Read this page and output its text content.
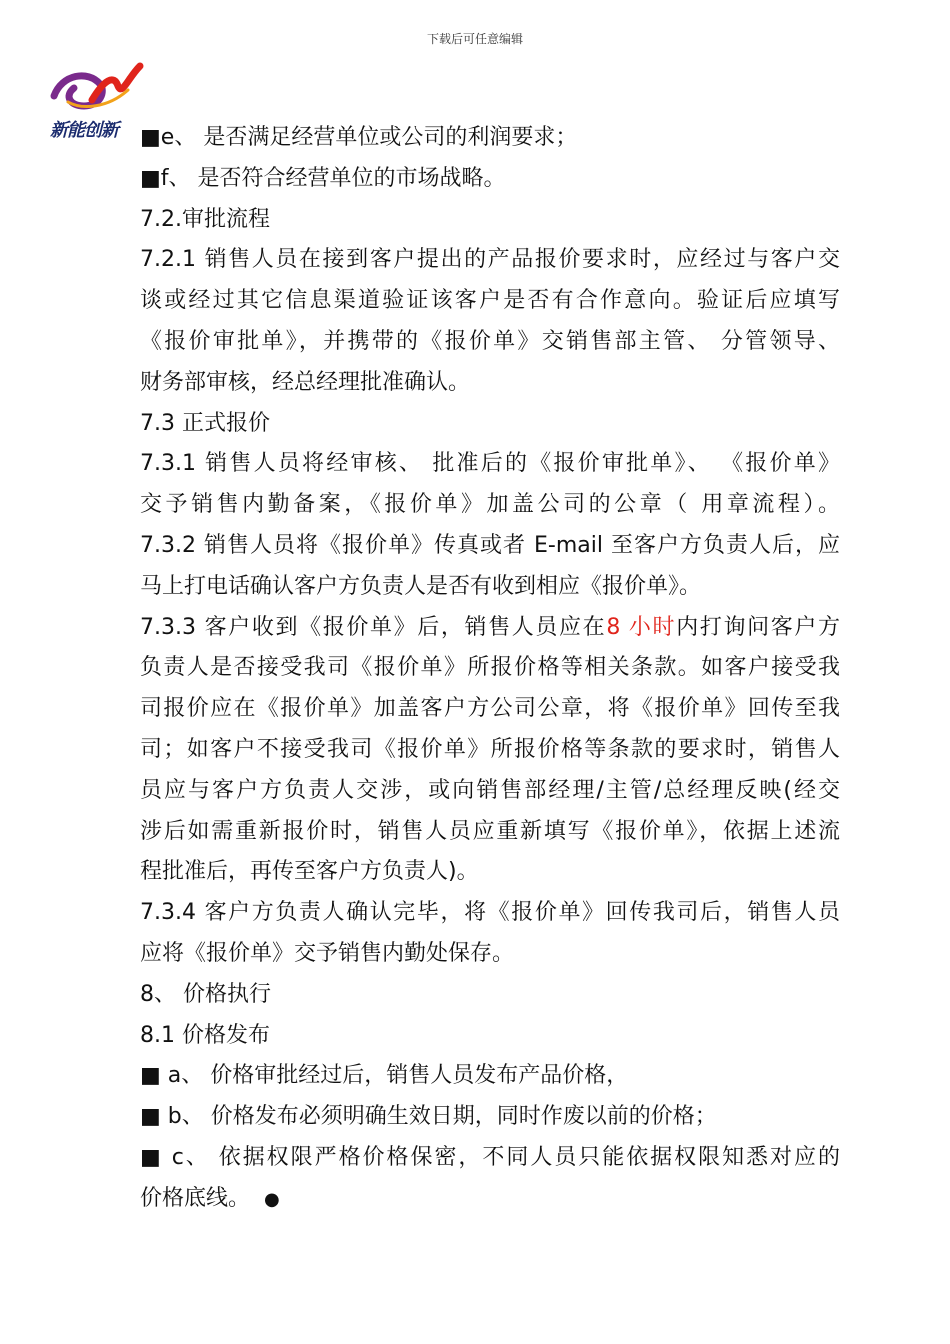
下载后可任意编辑
新能创新 ■e、 是否满足经营单位或公司的利润要求；
■f、 是否符合经营单位的市场战略。
7.2.审批流程
7.2.1 销售人员在接到客户提出的产品报价要求时，应经过与客户交
谈或经过其它信息渠道验证该客户是否有合作意向。验证后应填写
《报价审批单》，并携带的《报价单》交销售部主管、 分管领导、
财务部审核，经总经理批准确认。
7.3 正式报价
7.3.1 销售人员将经审核、 批准后的《报价审批单》、 《报价单》
交予销售内勤备案，《报价单》加盖公司的公章（ 用章流程）。
7.3.2 销售人员将《报价单》传真或者 E-mail 至客户方负责人后，应
马上打电话确认客户方负责人是否有收到相应《报价单》。
7.3.3 客户收到《报价单》后，销售人员应在8 小时内打询问客户方
负责人是否接受我司《报价单》所报价格等相关条款。如客户接受我
司报价应在《报价单》加盖客户方公司公章，将《报价单》回传至我
司；如客户不接受我司《报价单》所报价格等条款的要求时，销售人
员应与客户方负责人交涉，或向销售部经理/主管/总经理反映(经交
涉后如需重新报价时，销售人员应重新填写《报价单》，依据上述流
程批准后，再传至客户方负责人)。
7.3.4 客户方负责人确认完毕，将《报价单》回传我司后，销售人员
应将《报价单》交予销售内勤处保存。
8、 价格执行
8.1 价格发布
■ a、 价格审批经过后，销售人员发布产品价格，
■ b、 价格发布必须明确生效日期，同时作废以前的价格；
■ c、 依据权限严格价格保密，不同人员只能依据权限知悉对应的
价格底线。 ●
